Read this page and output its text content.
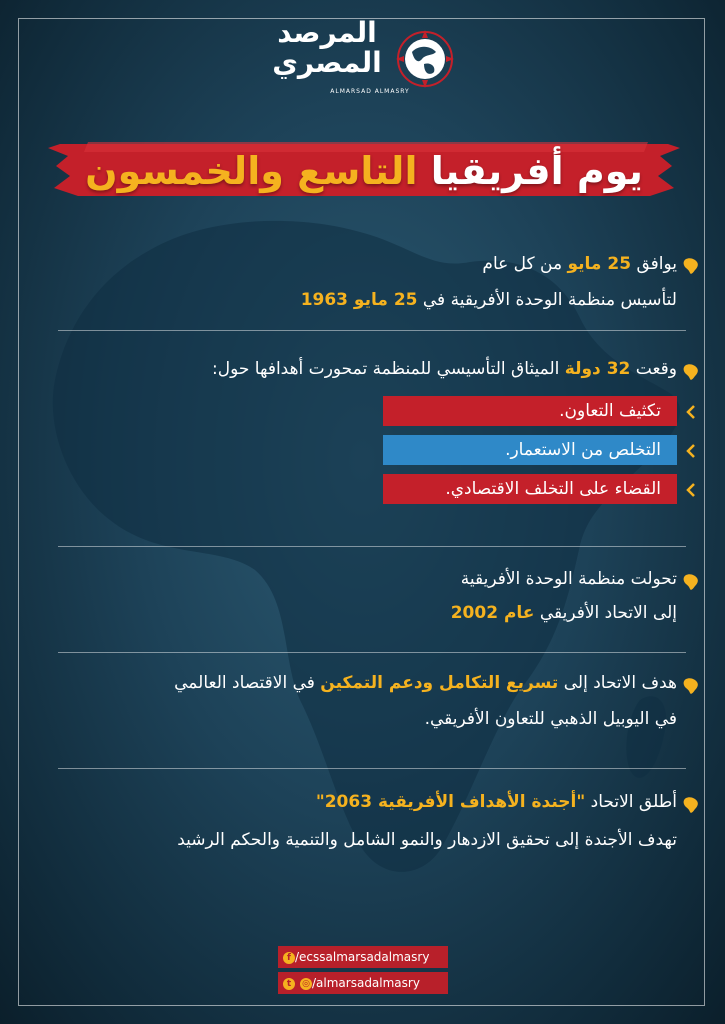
المرصد
المصري
ALMARSAD ALMASRY
يوم أفريقيا التاسع والخمسون
يوافق 25 مايو من كل عام
لتأسيس منظمة الوحدة الأفريقية في 25 مايو 1963
وقعت 32 دولة الميثاق التأسيسي للمنظمة تمحورت أهدافها حول:
تكثيف التعاون.
التخلص من الاستعمار.
القضاء على التخلف الاقتصادي.
تحولت منظمة الوحدة الأفريقية
إلى الاتحاد الأفريقي عام 2002
هدف الاتحاد إلى تسريع التكامل ودعم التمكين في الاقتصاد العالمي
في اليوبيل الذهبي للتعاون الأفريقي.
أطلق الاتحاد "أجندة الأهداف الأفريقية 2063"
تهدف الأجندة إلى تحقيق الازدهار والنمو الشامل والتنمية والحكم الرشيد
f /ecssalmarsadalmasry
t ◎ /almarsadalmasry
